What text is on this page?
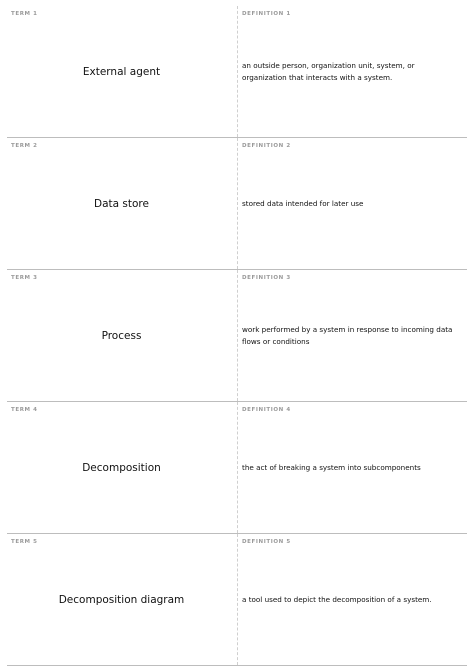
TERM 1
External agent
DEFINITION 1
an outside person, organization unit, system, or organization that interacts with a system.
TERM 2
Data store
DEFINITION 2
stored data intended for later use
TERM 3
Process
DEFINITION 3
work performed by a system in response to incoming data flows or conditions
TERM 4
Decomposition
DEFINITION 4
the act of breaking a system into subcomponents
TERM 5
Decomposition diagram
DEFINITION 5
a tool used to depict the decomposition of a system.
